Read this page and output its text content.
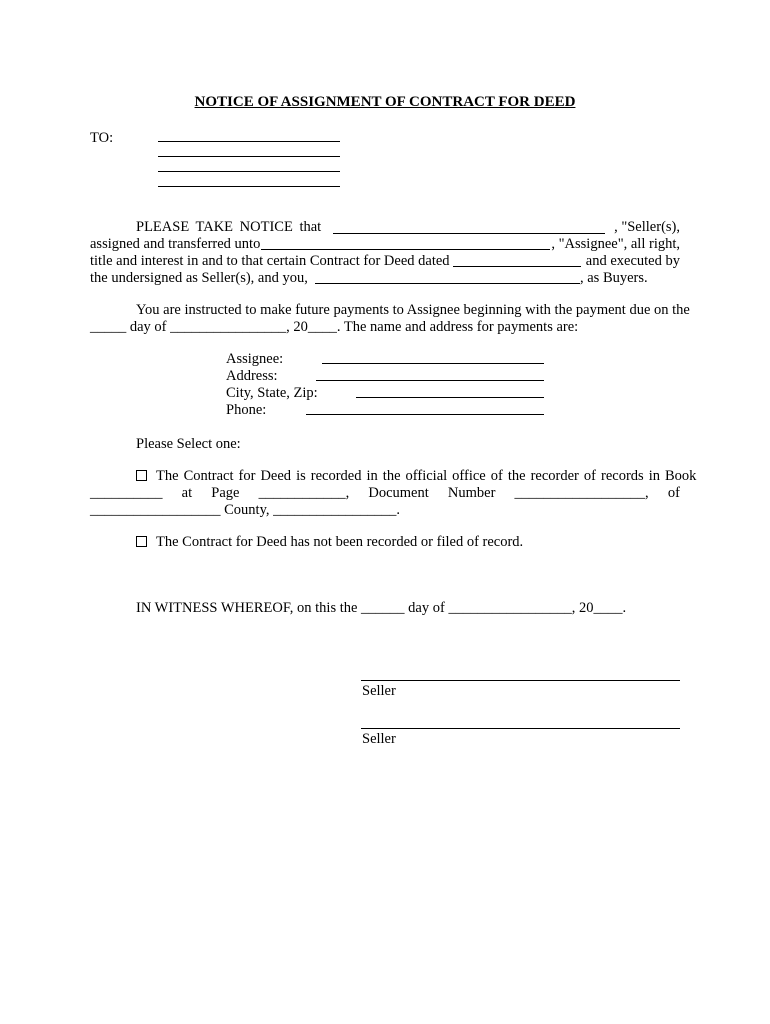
NOTICE OF ASSIGNMENT OF CONTRACT FOR DEED
TO:
PLEASE TAKE NOTICE that	, "Seller(s),
assigned and transferred unto	, "Assignee", all right,
title and interest in and to that certain Contract for Deed dated	and executed by
the undersigned as Seller(s), and you,	, as Buyers.
You are instructed to make future payments to Assignee beginning with the payment due on the
_____ day of ________________, 20____. The name and address for payments are:
Assignee:
Address:
City, State, Zip:
Phone:
Please Select one:
The Contract for Deed is recorded in the official office of the recorder of records in Book
__________ at Page ____________, Document Number __________________, of
__________________ County, _________________.
The Contract for Deed has not been recorded or filed of record.
IN WITNESS WHEREOF, on this the ______ day of _________________, 20____.
Seller
Seller
